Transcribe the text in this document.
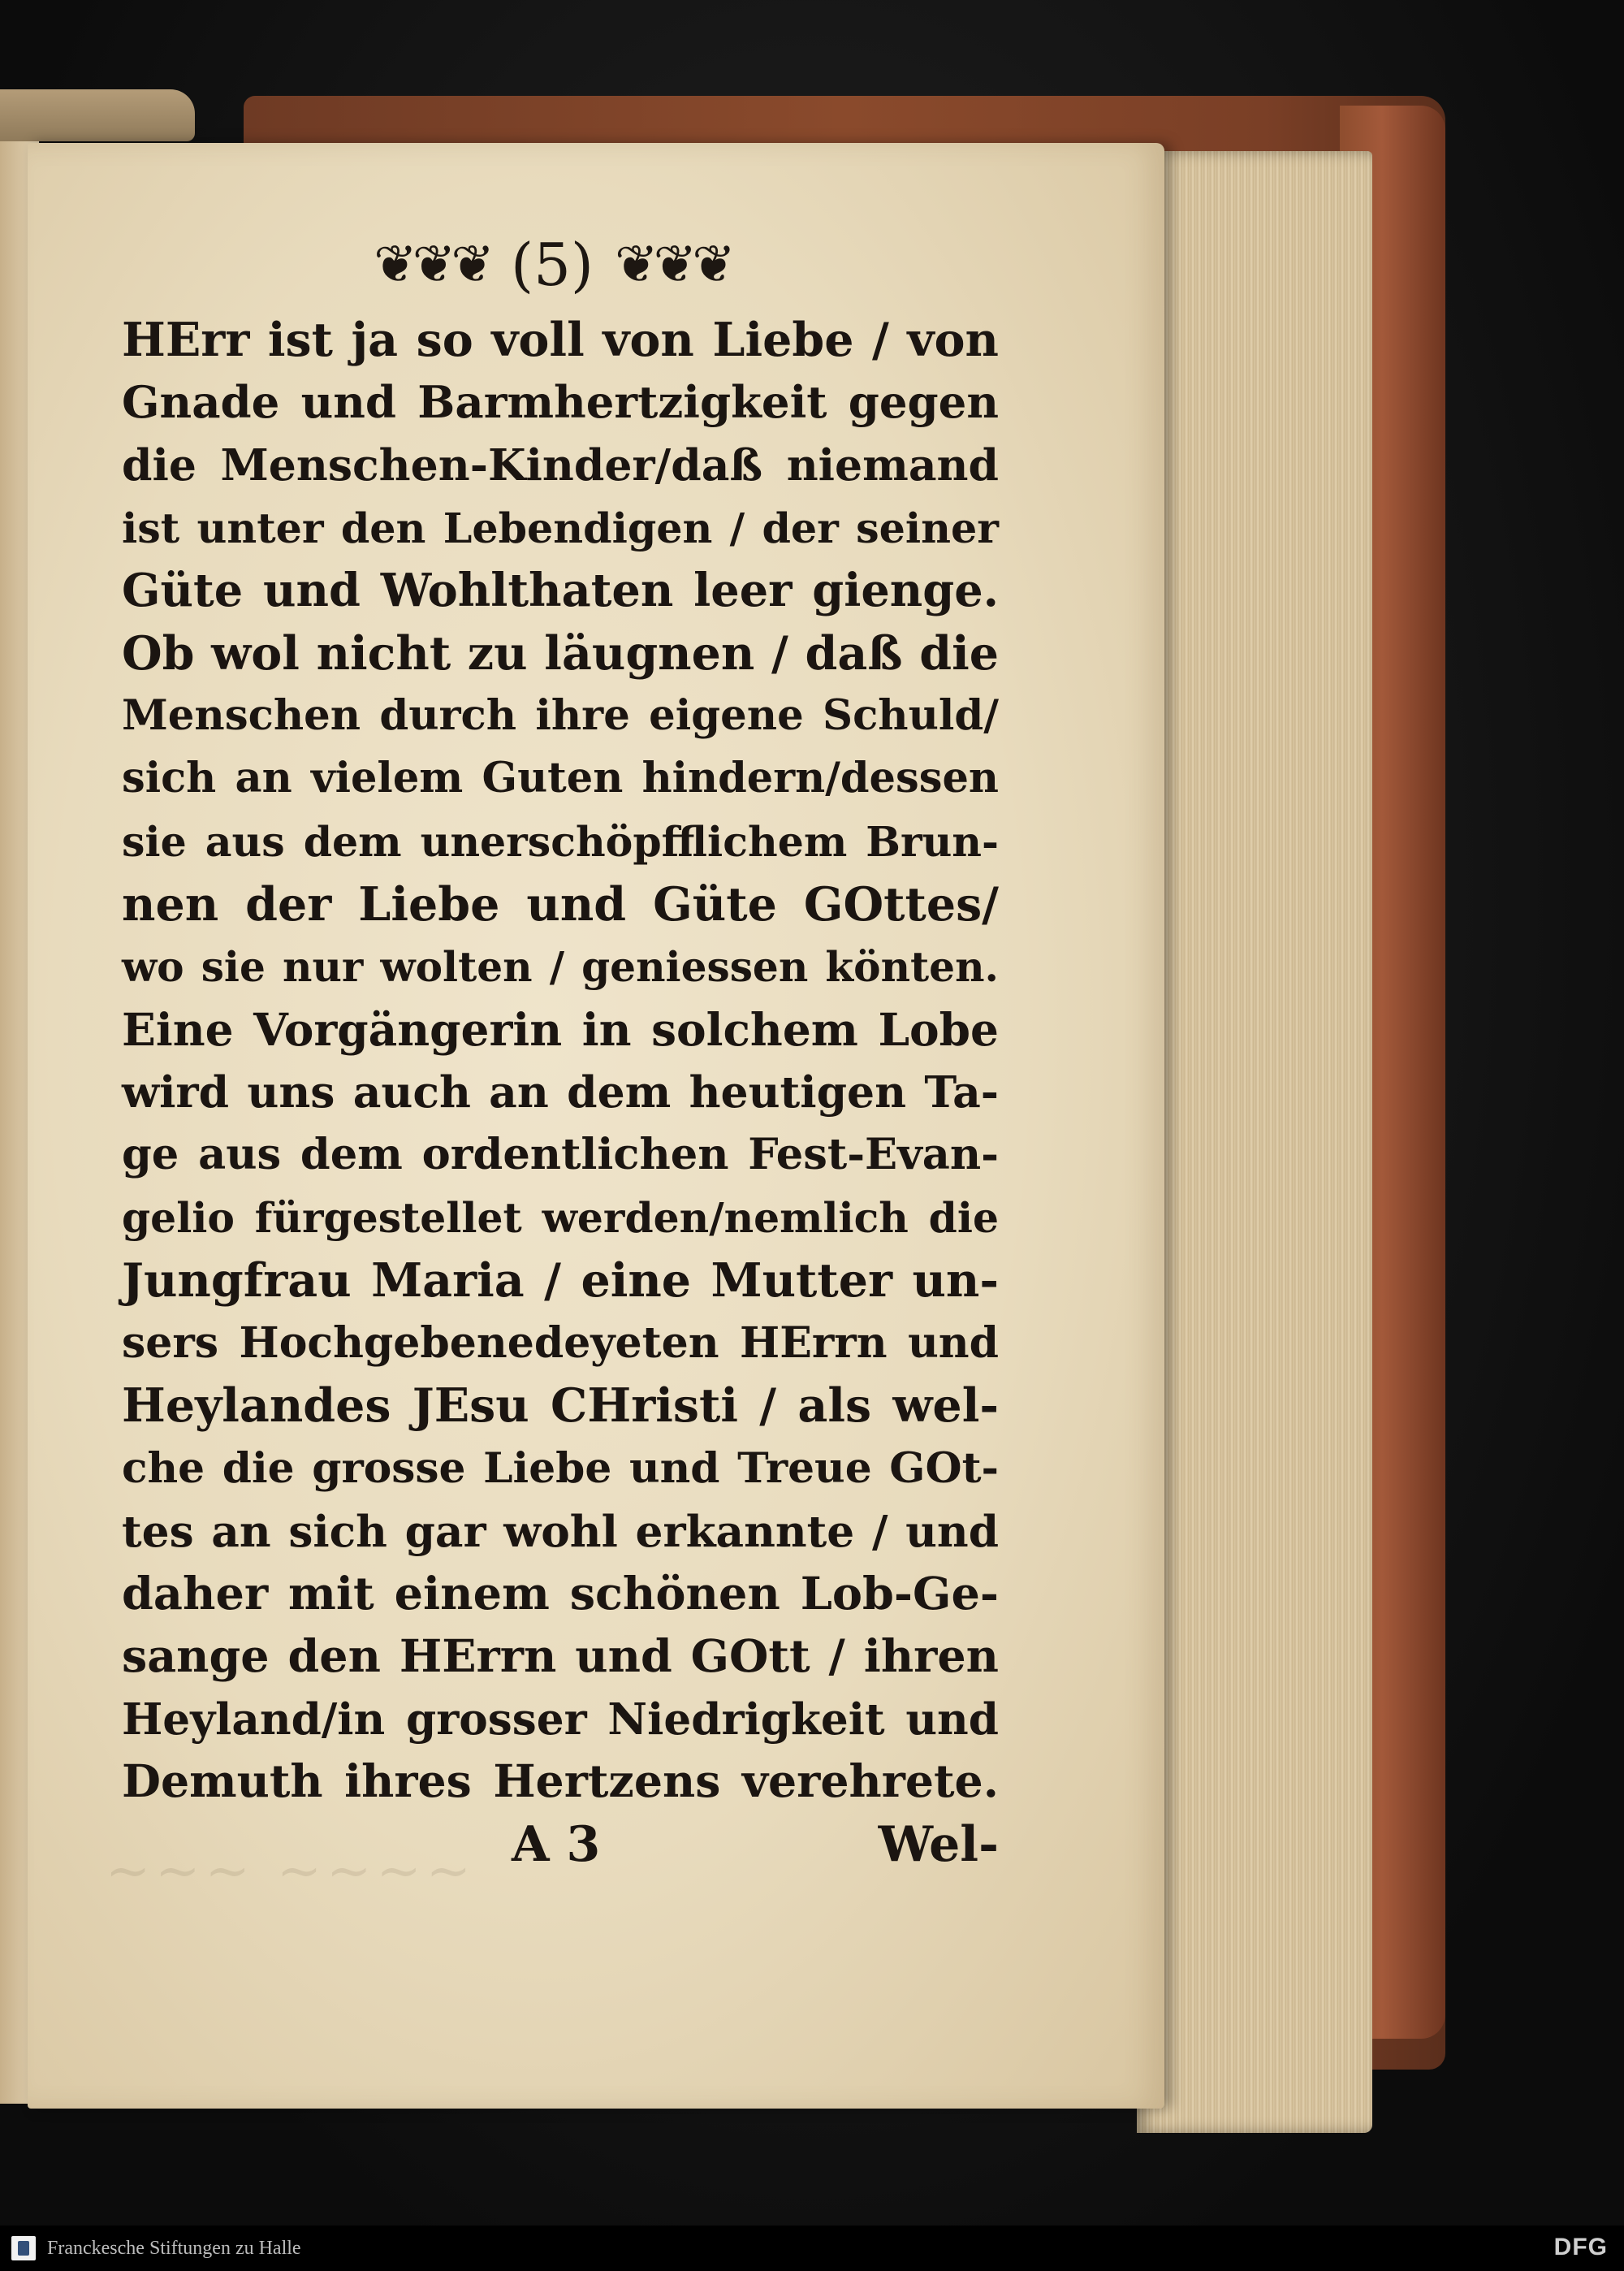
~~~ ~~~~
❦❦❦ (5) ❦❦❦
HErr ist ja so voll von Liebe / von
Gnade und Barmhertzigkeit gegen
die Menschen-Kinder/daß niemand
ist unter den Lebendigen / der seiner
Güte und Wohlthaten leer gienge.
Ob wol nicht zu läugnen / daß die
Menschen durch ihre eigene Schuld/
sich an vielem Guten hindern/dessen
sie aus dem unerschöpfflichem Brun-
nen der Liebe und Güte GOttes/
wo sie nur wolten / geniessen könten.
Eine Vorgängerin in solchem Lobe
wird uns auch an dem heutigen Ta-
ge aus dem ordentlichen Fest-Evan-
gelio fürgestellet werden/nemlich die
Jungfrau Maria / eine Mutter un-
sers Hochgebenedeyeten HErrn und
Heylandes JEsu CHristi / als wel-
che die grosse Liebe und Treue GOt-
tes an sich gar wohl erkannte / und
daher mit einem schönen Lob-Ge-
sange den HErrn und GOtt / ihren
Heyland/in grosser Niedrigkeit und
Demuth ihres Hertzens verehrete.
A 3	Wel-
Franckesche Stiftungen zu Halle	DFG
